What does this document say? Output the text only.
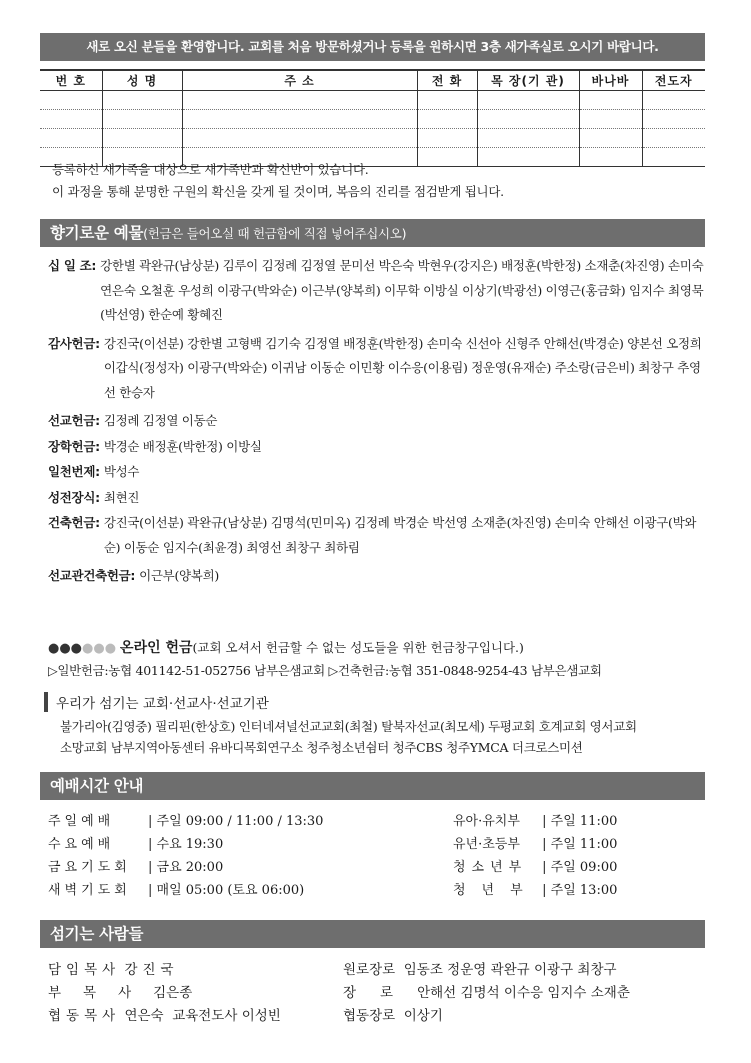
새로 오신 분들을 환영합니다. 교회를 처음 방문하셨거나 등록을 원하시면 3층 새가족실로 오시기 바랍니다.
번 호	성 명	주 소	전 화	목 장(기 관)	바나바	전도자

등록하신 새가족을 대상으로 새가족반과 확신반이 있습니다.
이 과정을 통해 분명한 구원의 확신을 갖게 될 것이며, 복음의 진리를 점검받게 됩니다.
향기로운 예물(헌금은 들어오실 때 헌금함에 직접 넣어주십시오)
십 일 조: 강한별 곽완규(남상분) 김루이 김정례 김정열 문미선 박은숙 박현우(강지은) 배정훈(박한정) 소재춘(차진영) 손미숙 연은숙 오철훈 우성희 이광구(박와순) 이근부(양복희) 이무학 이방실 이상기(박광선) 이영근(홍금화) 임지수 최영묵(박선영) 한순예 황혜진
감사헌금: 강진국(이선분) 강한별 고형백 김기숙 김정열 배정훈(박한정) 손미숙 신선아 신형주 안해선(박경순) 양본선 오정희 이갑식(정성자) 이광구(박와순) 이귀남 이동순 이민황 이수응(이용림) 정운영(유재순) 주소랑(금은비) 최창구 추영선 한승자
선교헌금: 김정례 김정열 이동순
장학헌금: 박경순 배정훈(박한정) 이방실
일천번제: 박성수
성전장식: 최현진
건축헌금: 강진국(이선분) 곽완규(남상분) 김명석(민미옥) 김정례 박경순 박선영 소재춘(차진영) 손미숙 안해선 이광구(박와순) 이동순 임지수(최윤경) 최영선 최창구 최하림
선교관건축헌금: 이근부(양복희)
●●●●●● 온라인 헌금(교회 오셔서 헌금할 수 없는 성도들을 위한 헌금창구입니다.)
▷일반헌금:농협 401142-51-052756 남부은샘교회 ▷건축헌금:농협 351-0848-9254-43 남부은샘교회
우리가 섬기는 교회·선교사·선교기관
불가리아(김영중) 필리핀(한상호) 인터네셔널선교교회(최철) 탈북자선교(최모세) 두평교회 호계교회 영서교회
소망교회 남부지역아동센터 유바디목회연구소 청주청소년쉼터 청주CBS 청주YMCA 더크로스미션
예배시간 안내
주일예배	| 주일 09:00 / 11:00 / 13:30
수요예배	| 수요 19:30
금요기도회 | 금요 20:00
새벽기도회 | 매일 05:00 (토요 06:00)
유아·유치부 | 주일 11:00
유년·초등부 | 주일 11:00
청소년부 | 주일 09:00
청년부 | 주일 13:00
섬기는 사람들
담임목사 강진국
부목사김은종
협동목사 연은숙 교육전도사 이성빈
원로장로 임동조 정운영 곽완규 이광구 최창구
장로안해선 김명석 이수응 임지수 소재춘
협동장로 이상기
